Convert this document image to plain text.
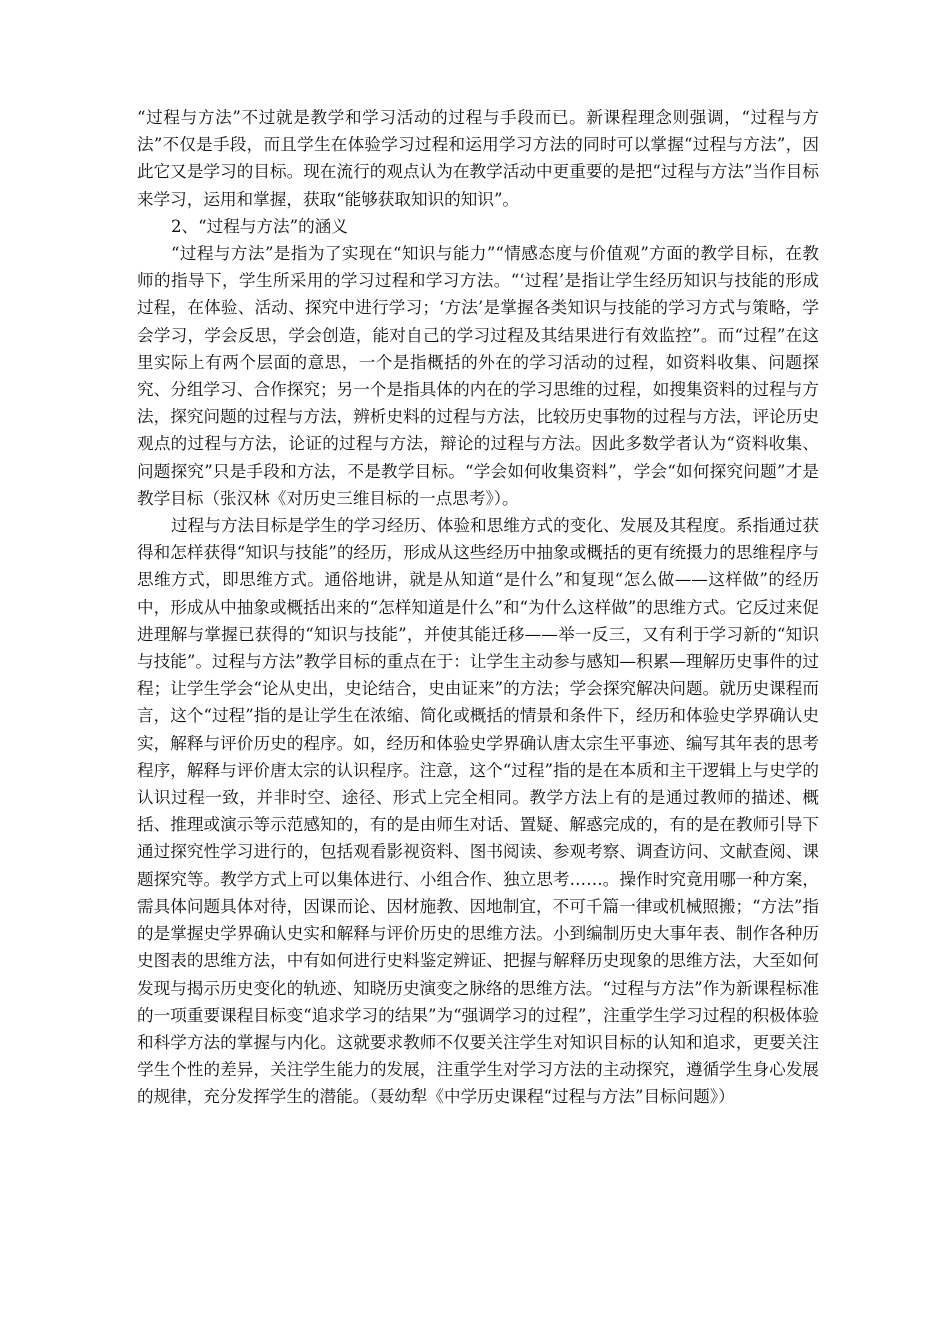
“过程与方法”不过就是教学和学习活动的过程与手段而已。新课程理念则强调，“过程与方法”不仅是手段，而且学生在体验学习过程和运用学习方法的同时可以掌握“过程与方法”，因此它又是学习的目标。现在流行的观点认为在教学活动中更重要的是把“过程与方法”当作目标来学习，运用和掌握，获取“能够获取知识的知识”。

2、“过程与方法”的涵义

“过程与方法”是指为了实现在“知识与能力”“情感态度与价值观”方面的教学目标，在教师的指导下，学生所采用的学习过程和学习方法。“‘过程’是指让学生经历知识与技能的形成过程，在体验、活动、探究中进行学习；‘方法’是掌握各类知识与技能的学习方式与策略，学会学习，学会反思，学会创造，能对自己的学习过程及其结果进行有效监控”。而“过程”在这里实际上有两个层面的意思，一个是指概括的外在的学习活动的过程，如资料收集、问题探究、分组学习、合作探究；另一个是指具体的内在的学习思维的过程，如搜集资料的过程与方法，探究问题的过程与方法，辨析史料的过程与方法，比较历史事物的过程与方法，评论历史观点的过程与方法，论证的过程与方法，辩论的过程与方法。因此多数学者认为“资料收集、问题探究”只是手段和方法，不是教学目标。“学会如何收集资料”，学会“如何探究问题”才是教学目标（张汉林《对历史三维目标的一点思考》）。

过程与方法目标是学生的学习经历、体验和思维方式的变化、发展及其程度。系指通过获得和怎样获得“知识与技能”的经历，形成从这些经历中抽象或概括的更有统摄力的思维程序与思维方式，即思维方式。通俗地讲，就是从知道“是什么”和复现“怎么做——这样做”的经历中，形成从中抽象或概括出来的“怎样知道是什么”和“为什么这样做”的思维方式。它反过来促进理解与掌握已获得的“知识与技能”，并使其能迁移——举一反三，又有利于学习新的“知识与技能”。过程与方法”教学目标的重点在于：让学生主动参与感知—积累—理解历史事件的过程；让学生学会“论从史出，史论结合，史由证来”的方法；学会探究解决问题。就历史课程而言，这个“过程”指的是让学生在浓缩、简化或概括的情景和条件下，经历和体验史学界确认史实，解释与评价历史的程序。如，经历和体验史学界确认唐太宗生平事迹、编写其年表的思考程序，解释与评价唐太宗的认识程序。注意，这个“过程”指的是在本质和主干逻辑上与史学的认识过程一致，并非时空、途径、形式上完全相同。教学方法上有的是通过教师的描述、概括、推理或演示等示范感知的，有的是由师生对话、置疑、解惑完成的，有的是在教师引导下通过探究性学习进行的，包括观看影视资料、图书阅读、参观考察、调查访问、文献查阅、课题探究等。教学方式上可以集体进行、小组合作、独立思考……。操作时究竟用哪一种方案，需具体问题具体对待，因课而论、因材施教、因地制宜，不可千篇一律或机械照搬；“方法”指的是掌握史学界确认史实和解释与评价历史的思维方法。小到编制历史大事年表、制作各种历史图表的思维方法，中有如何进行史料鉴定辨证、把握与解释历史现象的思维方法，大至如何发现与揭示历史变化的轨迹、知晓历史演变之脉络的思维方法。“过程与方法”作为新课程标准的一项重要课程目标变“追求学习的结果”为“强调学习的过程”，注重学生学习过程的积极体验和科学方法的掌握与内化。这就要求教师不仅要关注学生对知识目标的认知和追求，更要关注学生个性的差异，关注学生能力的发展，注重学生对学习方法的主动探究，遵循学生身心发展的规律，充分发挥学生的潜能。（聂幼犁《中学历史课程“过程与方法”目标问题》）
